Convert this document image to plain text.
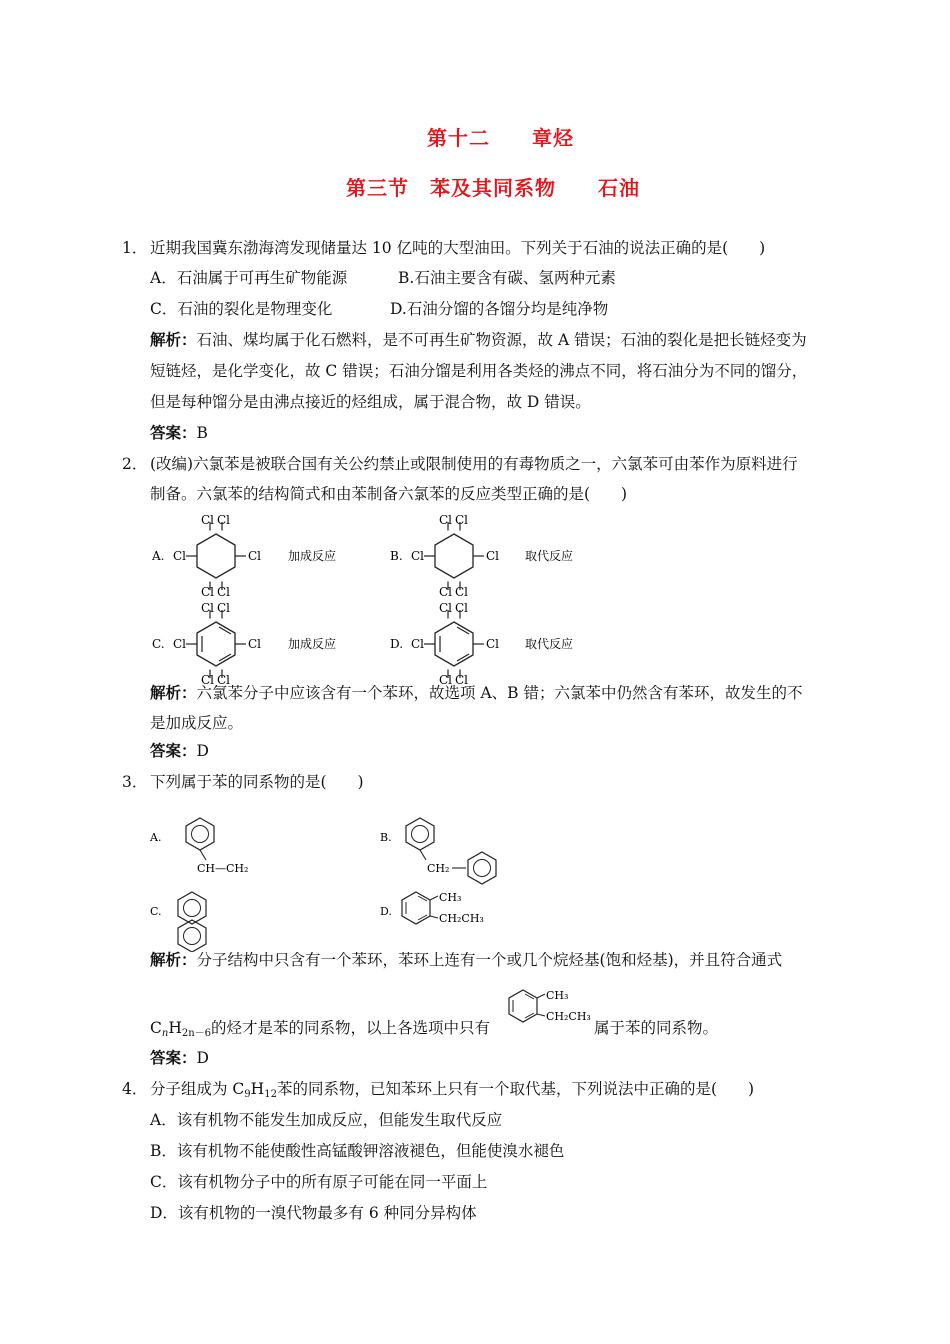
第十二　　章烃
第三节　苯及其同系物　　石油
1． 近期我国冀东渤海湾发现储量达 10 亿吨的大型油田。下列关于石油的说法正确的是(　　)
A．石油属于可再生矿物能源	B.石油主要含有碳、氢两种元素
C．石油的裂化是物理变化	D.石油分馏的各馏分均是纯净物
解析：石油、煤均属于化石燃料，是不可再生矿物资源，故 A 错误；石油的裂化是把长链烃变为
短链烃，是化学变化，故 C 错误；石油分馏是利用各类烃的沸点不同，将石油分为不同的馏分，
但是每种馏分是由沸点接近的烃组成，属于混合物，故 D 错误。
答案：B
2． (改编)六氯苯是被联合国有关公约禁止或限制使用的有毒物质之一，六氯苯可由苯作为原料进行
制备。六氯苯的结构简式和由苯制备六氯苯的反应类型正确的是(　　)
A.
Cl Cl
Cl Cl
Cl	Cl 加成反应	B.
Cl Cl
Cl Cl
Cl	Cl 取代反应
C.
Cl Cl
Cl Cl
Cl	Cl 加成反应	D.
Cl Cl
Cl Cl
Cl	Cl 取代反应
解析：六氯苯分子中应该含有一个苯环，故选项 A、B 错；六氯苯中仍然含有苯环，故发生的不
是加成反应。
答案：D
3． 下列属于苯的同系物的是(　　)
A.
CH—CH₂
B.
CH₂
C.	D.
CH₃
CH₂CH₃
解析：分子结构中只含有一个苯环，苯环上连有一个或几个烷烃基(饱和烃基)，并且符合通式
$C_nH_{2n-6}$的烃才是苯的同系物，以上各选项中只有
CH₃
CH₂CH₃
属于苯的同系物。
答案：D
4． 分子组成为 $C_9H_{12}$苯的同系物，已知苯环上只有一个取代基，下列说法中正确的是(　　)
A．该有机物不能发生加成反应，但能发生取代反应
B．该有机物不能使酸性高锰酸钾溶液褪色，但能使溴水褪色
C．该有机物分子中的所有原子可能在同一平面上
D．该有机物的一溴代物最多有 6 种同分异构体
